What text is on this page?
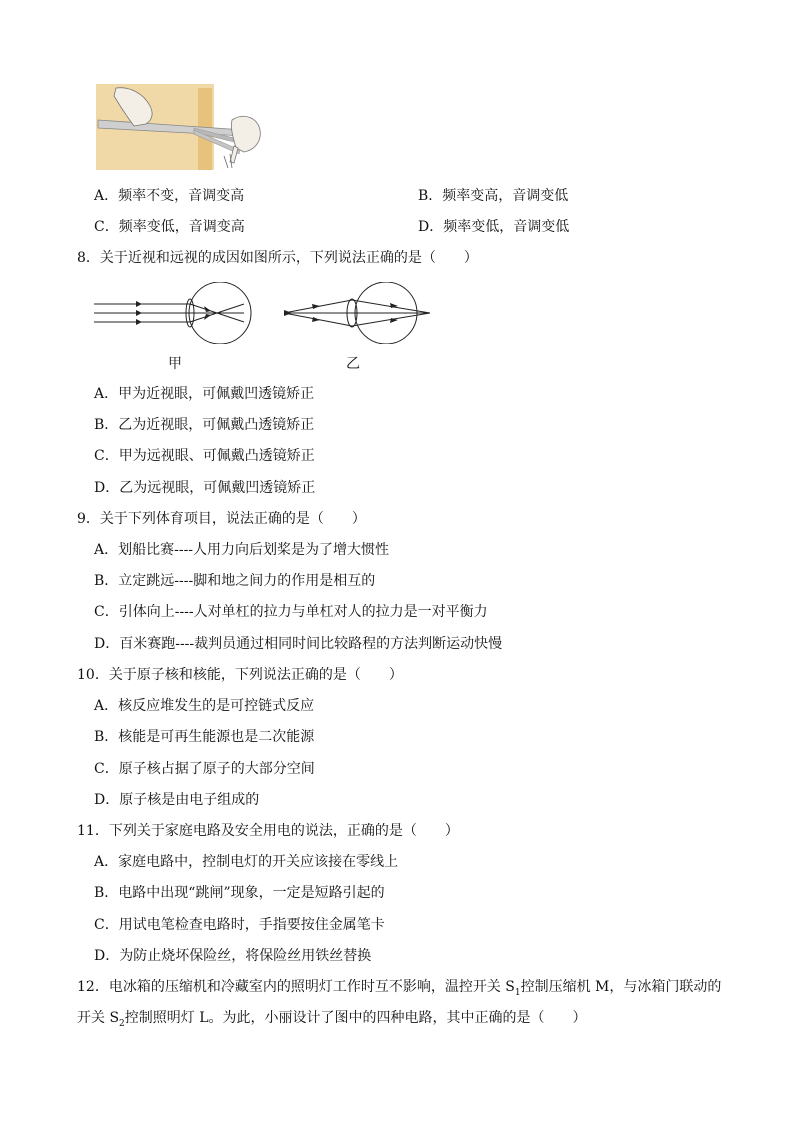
A．频率不变，音调变高	B．频率变高，音调变低
C．频率变低，音调变高	D．频率变低，音调变低
8．关于近视和远视的成因如图所示，下列说法正确的是（　　）
甲	乙
A．甲为近视眼，可佩戴凹透镜矫正
B．乙为近视眼，可佩戴凸透镜矫正
C．甲为远视眼、可佩戴凸透镜矫正
D．乙为远视眼，可佩戴凹透镜矫正
9．关于下列体育项目，说法正确的是（　　）
A．划船比赛----人用力向后划桨是为了增大惯性
B．立定跳远----脚和地之间力的作用是相互的
C．引体向上----人对单杠的拉力与单杠对人的拉力是一对平衡力
D．百米赛跑----裁判员通过相同时间比较路程的方法判断运动快慢
10．关于原子核和核能，下列说法正确的是（　　）
A．核反应堆发生的是可控链式反应
B．核能是可再生能源也是二次能源
C．原子核占据了原子的大部分空间
D．原子核是由电子组成的
11．下列关于家庭电路及安全用电的说法，正确的是（　　）
A．家庭电路中，控制电灯的开关应该接在零线上
B．电路中出现“跳闸”现象，一定是短路引起的
C．用试电笔检查电路时，手指要按住金属笔卡
D．为防止烧坏保险丝，将保险丝用铁丝替换
12．电冰箱的压缩机和冷藏室内的照明灯工作时互不影响，温控开关 $S_1$控制压缩机 M，与冰箱门联动的
开关 $S_2$控制照明灯 L。为此，小丽设计了图中的四种电路，其中正确的是（　　）
